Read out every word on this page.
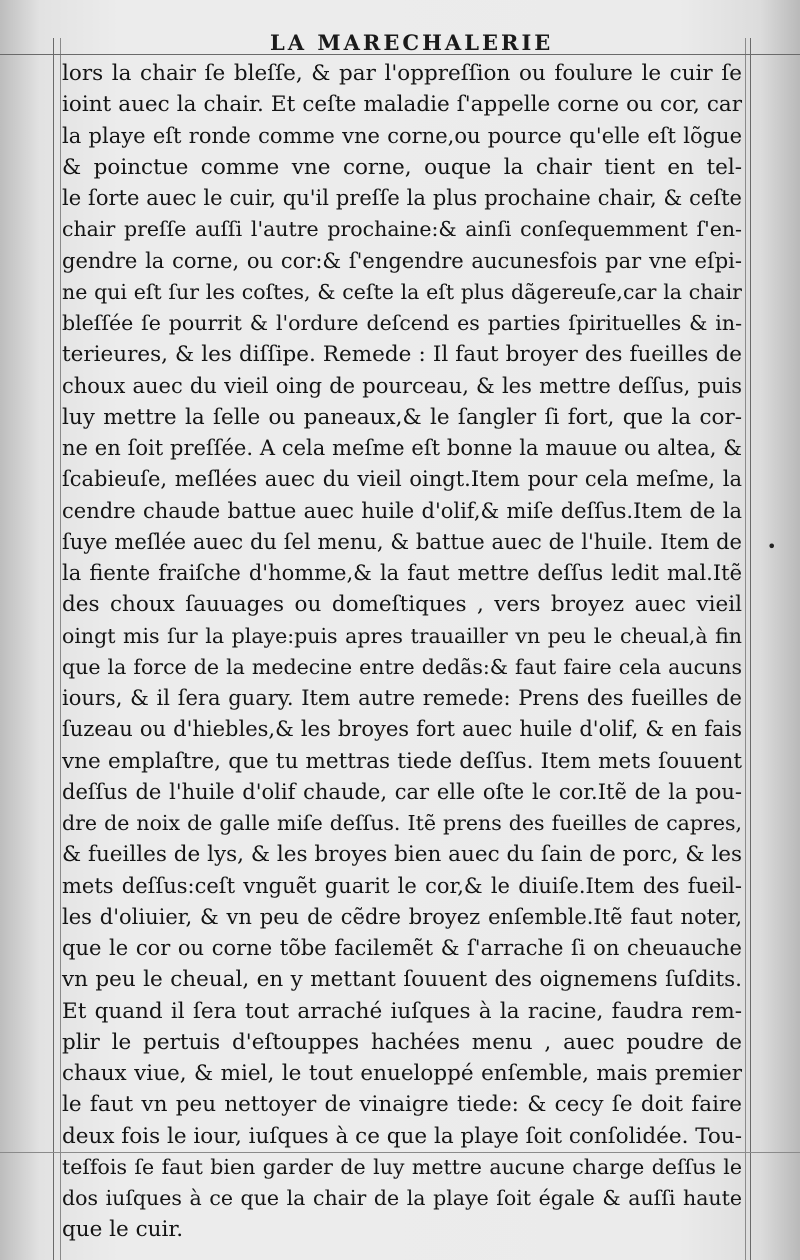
LA MARECHALERIE
•
lors la chair ſe bleſſe, & par l'oppreſſion ou foulure le cuir ſe
ioint auec la chair. Et ceſte maladie ſ'appelle corne ou cor, car
la playe eſt ronde comme vne corne,ou pource qu'elle eſt lõgue
& poinctue comme vne corne, ouque la chair tient en tel-
le ſorte auec le cuir, qu'il preſſe la plus prochaine chair, & ceſte
chair preſſe auſſi l'autre prochaine:& ainſi conſequemment ſ'en-
gendre la corne, ou cor:& ſ'engendre aucunesfois par vne eſpi-
ne qui eſt ſur les coſtes, & ceſte la eſt plus dãgereuſe,car la chair
bleſſée ſe pourrit & l'ordure deſcend es parties ſpirituelles & in-
terieures, & les diſſipe. Remede : Il faut broyer des fueilles de
choux auec du vieil oing de pourceau, & les mettre deſſus, puis
luy mettre la ſelle ou paneaux,& le ſangler ſi fort, que la cor-
ne en ſoit preſſée. A cela meſme eſt bonne la mauue ou altea, &
ſcabieuſe, meſlées auec du vieil oingt.Item pour cela meſme, la
cendre chaude battue auec huile d'olif,& miſe deſſus.Item de la
ſuye meſlée auec du ſel menu, & battue auec de l'huile. Item de
la fiente fraiſche d'homme,& la faut mettre deſſus ledit mal.Itẽ
des choux ſauuages ou domeſtiques , vers broyez auec vieil
oingt mis ſur la playe:puis apres trauailler vn peu le cheual,à fin
que la force de la medecine entre dedãs:& faut faire cela aucuns
iours, & il ſera guary. Item autre remede: Prens des fueilles de
ſuzeau ou d'hiebles,& les broyes fort auec huile d'olif, & en fais
vne emplaſtre, que tu mettras tiede deſſus. Item mets ſouuent
deſſus de l'huile d'olif chaude, car elle oſte le cor.Itẽ de la pou-
dre de noix de galle miſe deſſus. Itẽ prens des fueilles de capres,
& fueilles de lys, & les broyes bien auec du ſain de porc, & les
mets deſſus:ceſt vnguẽt guarit le cor,& le diuiſe.Item des fueil-
les d'oliuier, & vn peu de cẽdre broyez enſemble.Itẽ faut noter,
que le cor ou corne tõbe facilemẽt & ſ'arrache ſi on cheuauche
vn peu le cheual, en y mettant ſouuent des oignemens ſuſdits.
Et quand il ſera tout arraché iuſques à la racine, faudra rem-
plir le pertuis d'eſtouppes hachées menu , auec poudre de
chaux viue, & miel, le tout enueloppé enſemble, mais premier
le faut vn peu nettoyer de vinaigre tiede: & cecy ſe doit faire
deux fois le iour, iuſques à ce que la playe ſoit conſolidée. Tou-
teſfois ſe faut bien garder de luy mettre aucune charge deſſus le
dos iuſques à ce que la chair de la playe ſoit égale & auſſi haute
que le cuir.
